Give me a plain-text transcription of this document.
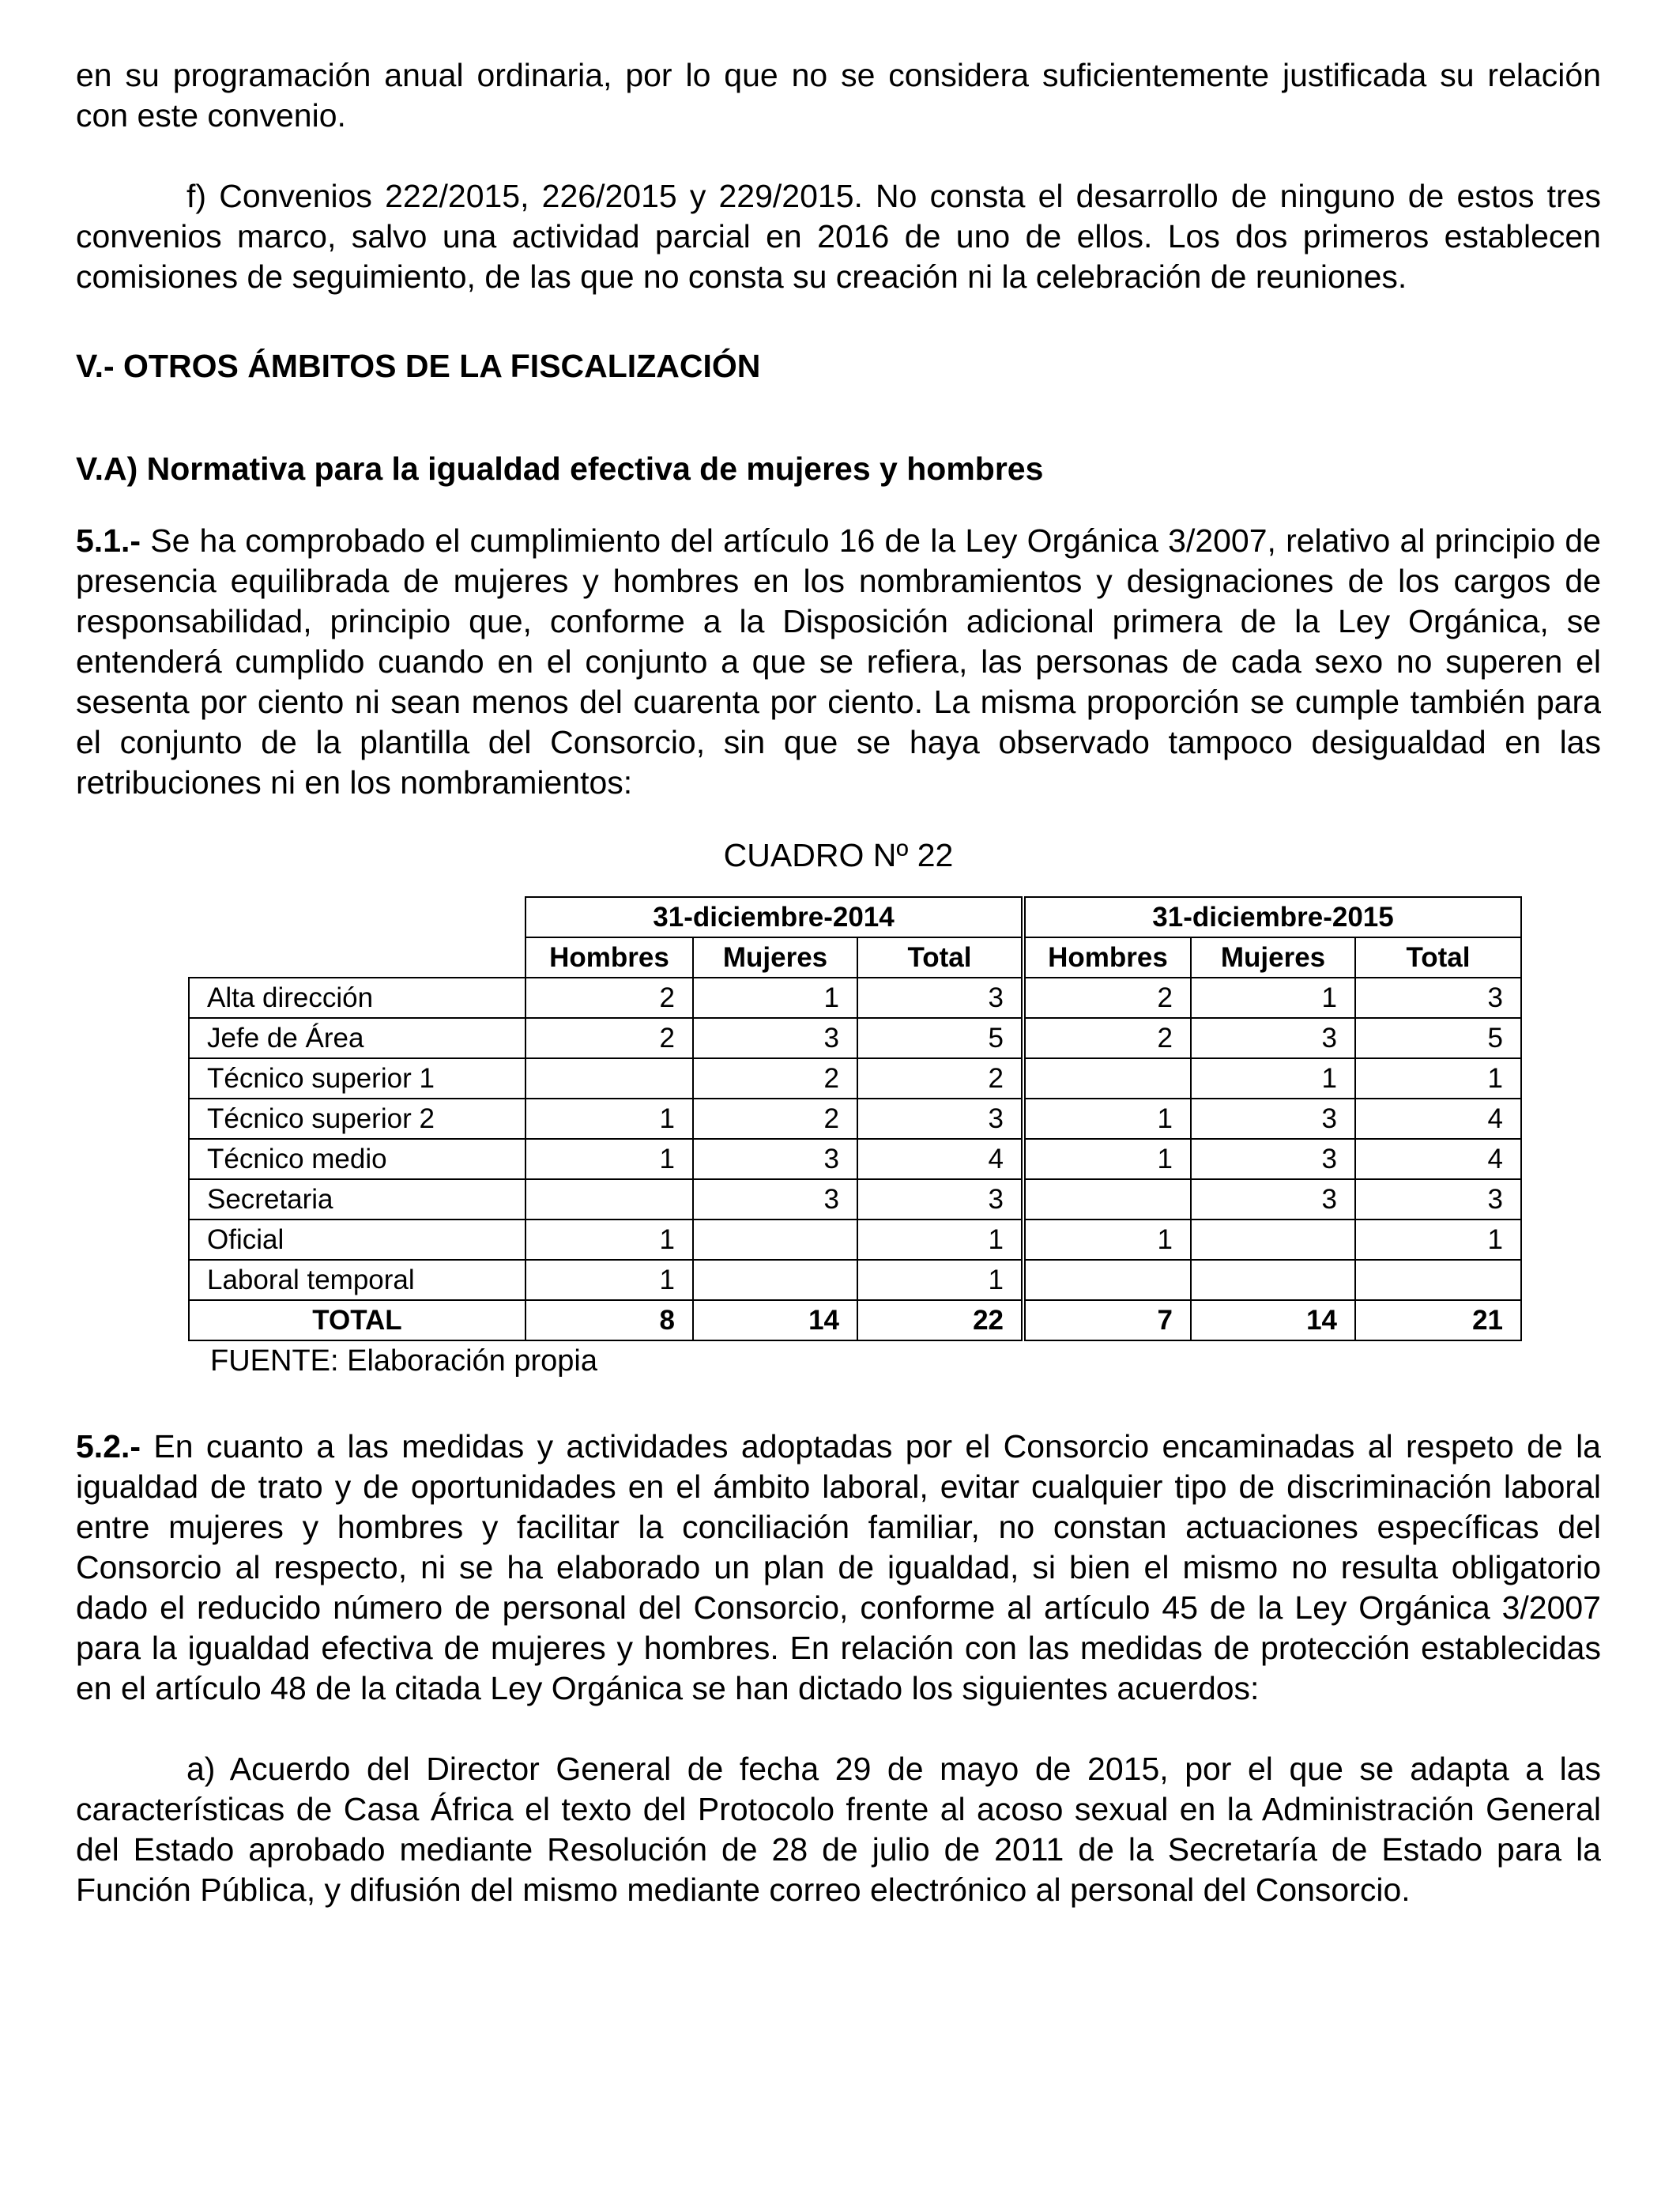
en su programación anual ordinaria, por lo que no se considera suficientemente justificada su relación con este convenio.

f) Convenios 222/2015, 226/2015 y 229/2015. No consta el desarrollo de ninguno de estos tres convenios marco, salvo una actividad parcial en 2016 de uno de ellos. Los dos primeros establecen comisiones de seguimiento, de las que no consta su creación ni la celebración de reuniones.

V.- OTROS ÁMBITOS DE LA FISCALIZACIÓN

V.A) Normativa para la igualdad efectiva de mujeres y hombres

5.1.- Se ha comprobado el cumplimiento del artículo 16 de la Ley Orgánica 3/2007, relativo al principio de presencia equilibrada de mujeres y hombres en los nombramientos y designaciones de los cargos de responsabilidad, principio que, conforme a la Disposición adicional primera de la Ley Orgánica, se entenderá cumplido cuando en el conjunto a que se refiera, las personas de cada sexo no superen el sesenta por ciento ni sean menos del cuarenta por ciento. La misma proporción se cumple también para el conjunto de la plantilla del Consorcio, sin que se haya observado tampoco desigualdad en las retribuciones ni en los nombramientos:

CUADRO Nº 22

	31-diciembre-2014			31-diciembre-2015		
	Hombres	Mujeres	Total	Hombres	Mujeres	Total
Alta dirección	2	1	3	2	1	3
Jefe de Área	2	3	5	2	3	5
Técnico superior 1		2	2		1	1
Técnico superior 2	1	2	3	1	3	4
Técnico medio	1	3	4	1	3	4
Secretaria		3	3		3	3
Oficial	1		1	1		1
Laboral temporal	1		1			
TOTAL	8	14	22	7	14	21

FUENTE: Elaboración propia

5.2.- En cuanto a las medidas y actividades adoptadas por el Consorcio encaminadas al respeto de la igualdad de trato y de oportunidades en el ámbito laboral, evitar cualquier tipo de discriminación laboral entre mujeres y hombres y facilitar la conciliación familiar, no constan actuaciones específicas del Consorcio al respecto, ni se ha elaborado un plan de igualdad, si bien el mismo no resulta obligatorio dado el reducido número de personal del Consorcio, conforme al artículo 45 de la Ley Orgánica 3/2007 para la igualdad efectiva de mujeres y hombres. En relación con las medidas de protección establecidas en el artículo 48 de la citada Ley Orgánica se han dictado los siguientes acuerdos:

a) Acuerdo del Director General de fecha 29 de mayo de 2015, por el que se adapta a las características de Casa África el texto del Protocolo frente al acoso sexual en la Administración General del Estado aprobado mediante Resolución de 28 de julio de 2011 de la Secretaría de Estado para la Función Pública, y difusión del mismo mediante correo electrónico al personal del Consorcio.
